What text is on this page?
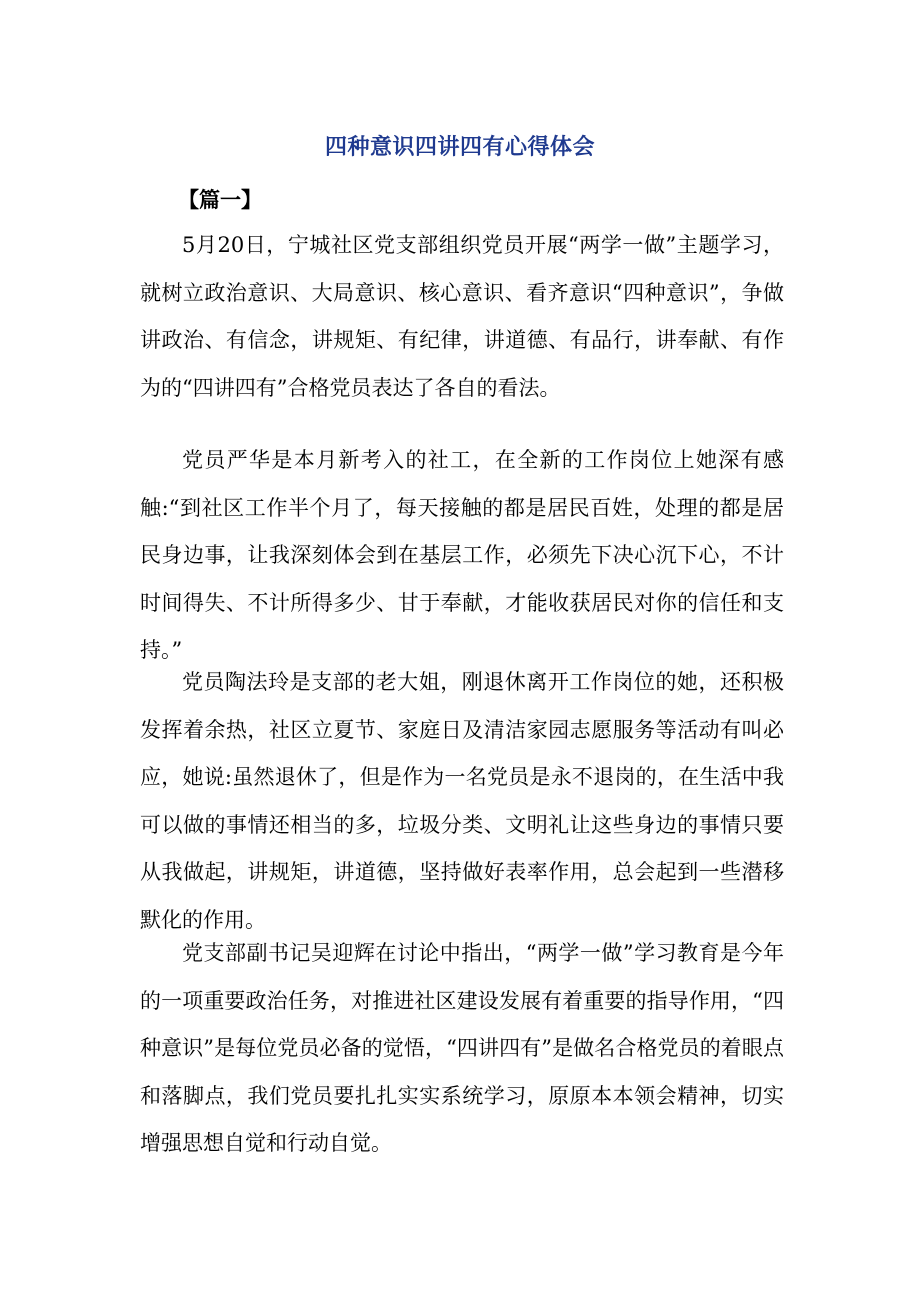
四种意识四讲四有心得体会
【篇一】

5月20日，宁城社区党支部组织党员开展“两学一做”主题学习，就树立政治意识、大局意识、核心意识、看齐意识“四种意识”，争做讲政治、有信念，讲规矩、有纪律，讲道德、有品行，讲奉献、有作为的“四讲四有”合格党员表达了各自的看法。

党员严华是本月新考入的社工，在全新的工作岗位上她深有感触:“到社区工作半个月了，每天接触的都是居民百姓，处理的都是居民身边事，让我深刻体会到在基层工作，必须先下决心沉下心，不计时间得失、不计所得多少、甘于奉献，才能收获居民对你的信任和支持。”

党员陶法玲是支部的老大姐，刚退休离开工作岗位的她，还积极发挥着余热，社区立夏节、家庭日及清洁家园志愿服务等活动有叫必应，她说:虽然退休了，但是作为一名党员是永不退岗的，在生活中我可以做的事情还相当的多，垃圾分类、文明礼让这些身边的事情只要从我做起，讲规矩，讲道德，坚持做好表率作用，总会起到一些潜移默化的作用。

党支部副书记吴迎辉在讨论中指出，“两学一做”学习教育是今年的一项重要政治任务，对推进社区建设发展有着重要的指导作用，“四种意识”是每位党员必备的觉悟，“四讲四有”是做名合格党员的着眼点和落脚点，我们党员要扎扎实实系统学习，原原本本领会精神，切实增强思想自觉和行动自觉。
